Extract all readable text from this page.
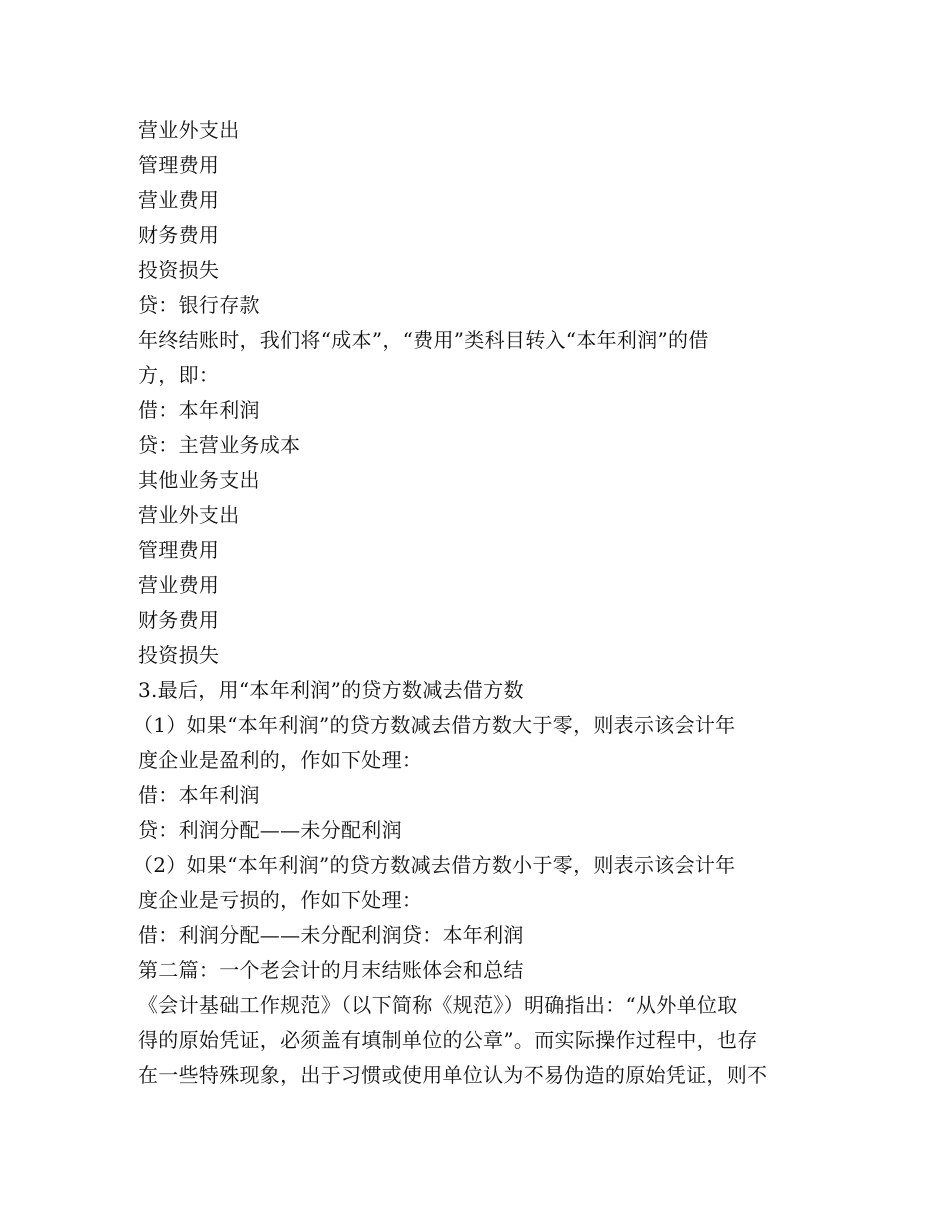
营业外支出
管理费用
营业费用
财务费用
投资损失
贷：银行存款
年终结账时，我们将“成本”，“费用”类科目转入“本年利润”的借
方，即：
借：本年利润
贷：主营业务成本
其他业务支出
营业外支出
管理费用
营业费用
财务费用
投资损失
3.最后，用“本年利润”的贷方数减去借方数
（1）如果“本年利润”的贷方数减去借方数大于零，则表示该会计年
度企业是盈利的，作如下处理：
借：本年利润
贷：利润分配——未分配利润
（2）如果“本年利润”的贷方数减去借方数小于零，则表示该会计年
度企业是亏损的，作如下处理：
借：利润分配——未分配利润贷：本年利润
第二篇：一个老会计的月末结账体会和总结
《会计基础工作规范》（以下简称《规范》）明确指出：“从外单位取
得的原始凭证，必须盖有填制单位的公章”。而实际操作过程中，也存
在一些特殊现象，出于习惯或使用单位认为不易伪造的原始凭证，则不
